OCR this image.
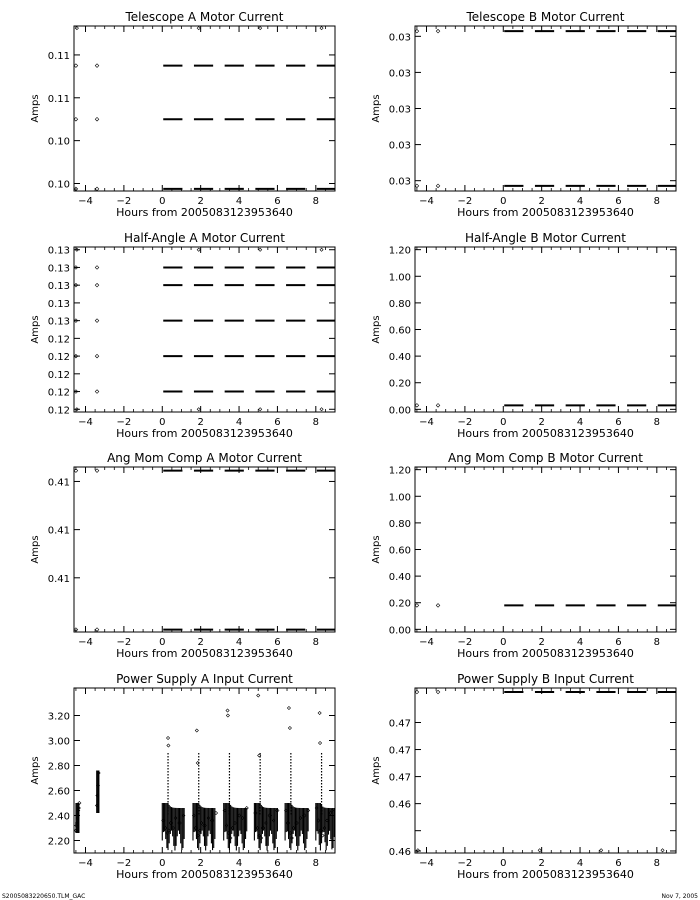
Telescope A Motor Current
−4 −2	0	2	4	6	8
Hours from 2005083123953640
0.10
0.10
0.11
0.11
Amps
Telescope B Motor Current
−4 −2	0	2	4	6	8
Hours from 2005083123953640
0.03
0.03
0.03
0.03
0.03
Amps
Half-Angle A Motor Current
−4 −2	0	2	4	6	8
Hours from 2005083123953640
0.12
0.12
0.12
0.12
0.12
0.13
0.13
0.13
0.13
0.13
Amps
Half-Angle B Motor Current
−4 −2	0	2	4	6	8
Hours from 2005083123953640
0.00
0.20
0.40
0.60
0.80
1.00
1.20
Amps
Ang Mom Comp A Motor Current
−4 −2	0	2	4	6	8
Hours from 2005083123953640
0.41
0.41
0.41
Amps
Ang Mom Comp B Motor Current
−4 −2	0	2	4	6	8
Hours from 2005083123953640
0.00
0.20
0.40
0.60
0.80
1.00
1.20
Amps
Power Supply A Input Current
−4 −2	0	2	4	6	8
Hours from 2005083123953640
2.20
2.40
2.60
2.80
3.00
3.20
Amps
Power Supply B Input Current
−4 −2	0	2	4	6	8
Hours from 2005083123953640
0.46
0.46
0.47
0.47
0.47
Amps
S2005083220650.TLM_GAC	Nov 7, 2005
